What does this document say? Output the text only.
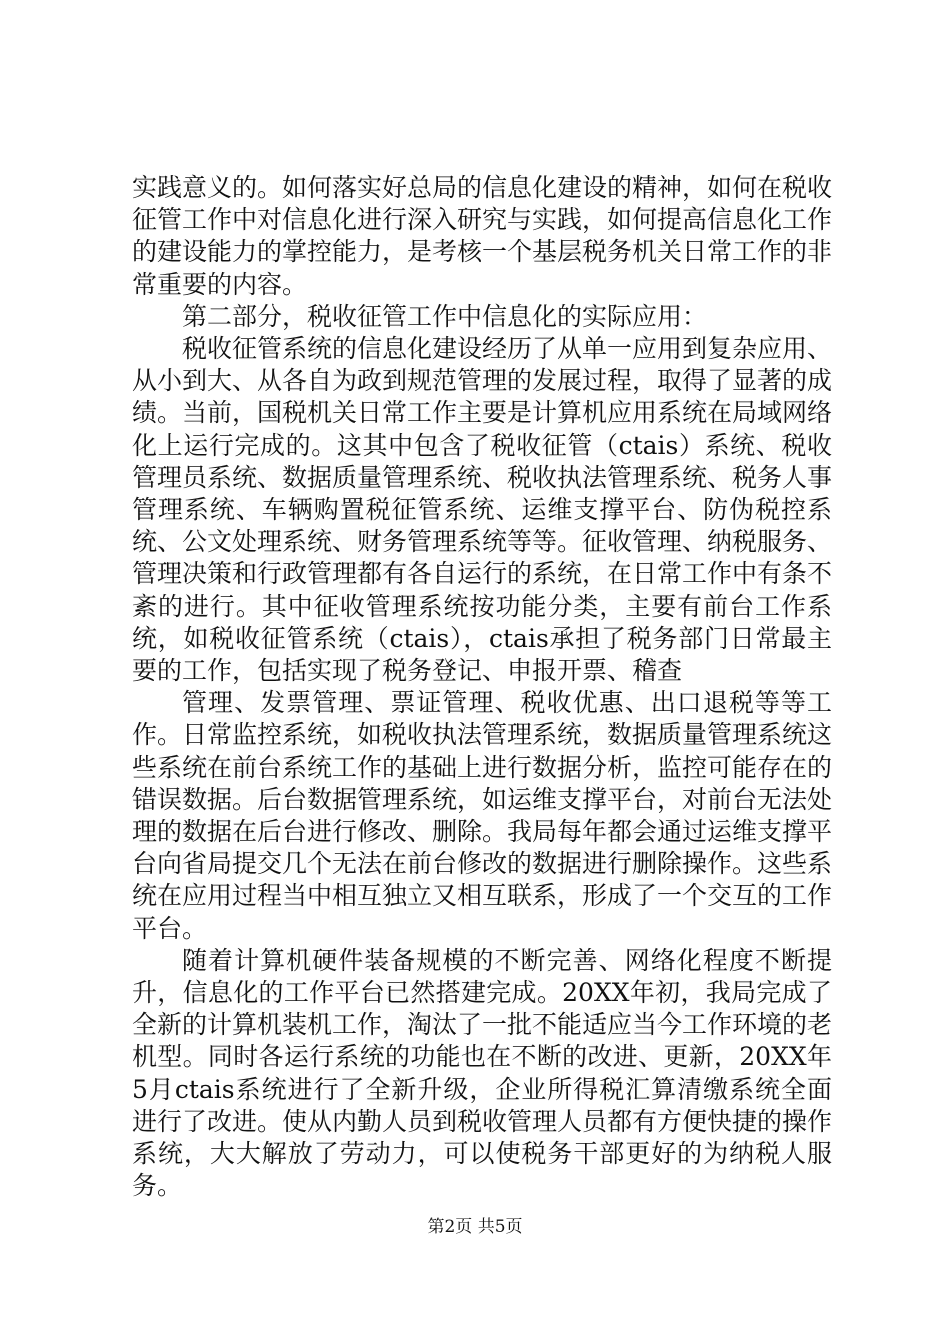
实践意义的。如何落实好总局的信息化建设的精神，如何在税收征管工作中对信息化进行深入研究与实践，如何提高信息化工作的建设能力的掌控能力，是考核一个基层税务机关日常工作的非常重要的内容。

第二部分，税收征管工作中信息化的实际应用：

税收征管系统的信息化建设经历了从单一应用到复杂应用、从小到大、从各自为政到规范管理的发展过程，取得了显著的成绩。当前，国税机关日常工作主要是计算机应用系统在局域网络化上运行完成的。这其中包含了税收征管（ctais）系统、税收管理员系统、数据质量管理系统、税收执法管理系统、税务人事管理系统、车辆购置税征管系统、运维支撑平台、防伪税控系统、公文处理系统、财务管理系统等等。征收管理、纳税服务、管理决策和行政管理都有各自运行的系统，在日常工作中有条不紊的进行。其中征收管理系统按功能分类，主要有前台工作系统，如税收征管系统（ctais），ctais承担了税务部门日常最主要的工作，包括实现了税务登记、申报开票、稽查

管理、发票管理、票证管理、税收优惠、出口退税等等工作。日常监控系统，如税收执法管理系统，数据质量管理系统这些系统在前台系统工作的基础上进行数据分析，监控可能存在的错误数据。后台数据管理系统，如运维支撑平台，对前台无法处理的数据在后台进行修改、删除。我局每年都会通过运维支撑平台向省局提交几个无法在前台修改的数据进行删除操作。这些系统在应用过程当中相互独立又相互联系，形成了一个交互的工作平台。

随着计算机硬件装备规模的不断完善、网络化程度不断提升，信息化的工作平台已然搭建完成。20XX年初，我局完成了全新的计算机装机工作，淘汰了一批不能适应当今工作环境的老机型。同时各运行系统的功能也在不断的改进、更新，20XX年5月ctais系统进行了全新升级，企业所得税汇算清缴系统全面进行了改进。使从内勤人员到税收管理人员都有方便快捷的操作系统，大大解放了劳动力，可以使税务干部更好的为纳税人服务。

第2页 共5页
